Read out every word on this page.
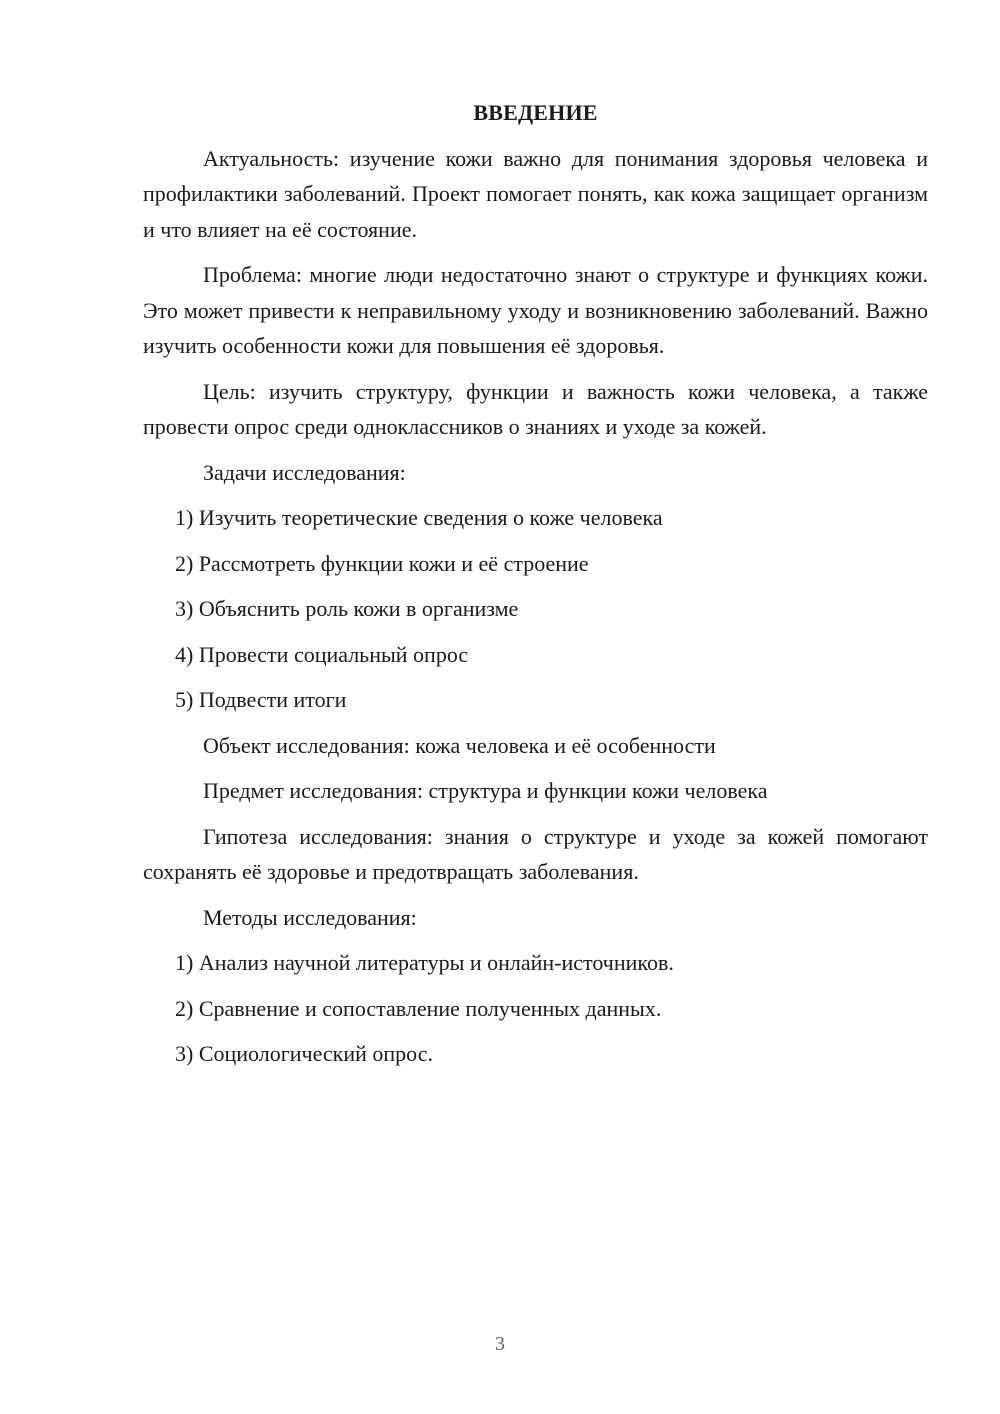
ВВЕДЕНИЕ

Актуальность: изучение кожи важно для понимания здоровья человека и профилактики заболеваний. Проект помогает понять, как кожа защищает организм и что влияет на её состояние.

Проблема: многие люди недостаточно знают о структуре и функциях кожи. Это может привести к неправильному уходу и возникновению заболеваний. Важно изучить особенности кожи для повышения её здоровья.

Цель: изучить структуру, функции и важность кожи человека, а также провести опрос среди одноклассников о знаниях и уходе за кожей.

Задачи исследования:
1) Изучить теоретические сведения о коже человека
2) Рассмотреть функции кожи и её строение
3) Объяснить роль кожи в организме
4) Провести социальный опрос
5) Подвести итоги
Объект исследования: кожа человека и её особенности
Предмет исследования: структура и функции кожи человека

Гипотеза исследования: знания о структуре и уходе за кожей помогают сохранять её здоровье и предотвращать заболевания.

Методы исследования:
1) Анализ научной литературы и онлайн-источников.
2) Сравнение и сопоставление полученных данных.
3) Социологический опрос.
3
